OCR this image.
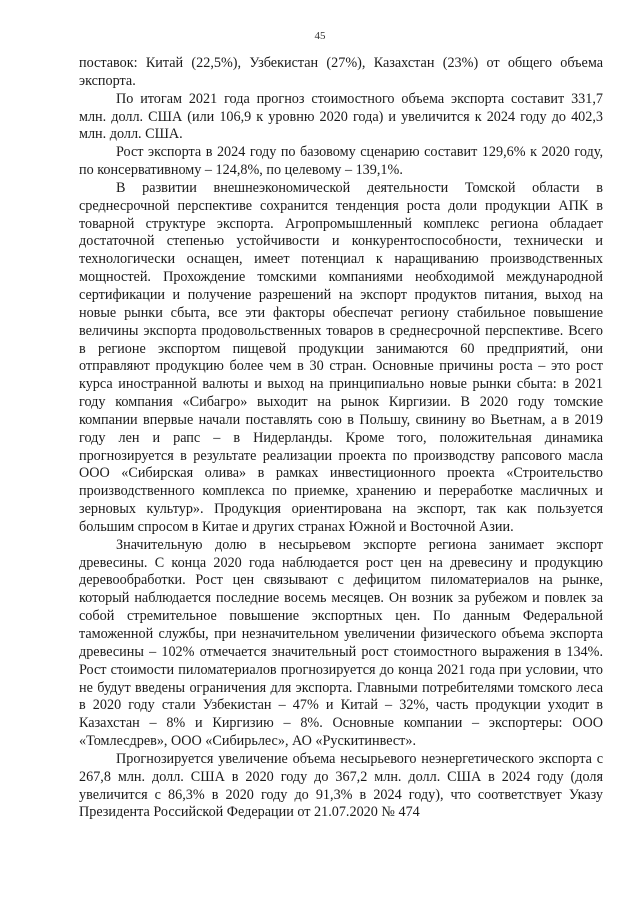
45

поставок: Китай (22,5%), Узбекистан (27%), Казахстан (23%) от общего объема экспорта.

По итогам 2021 года прогноз стоимостного объема экспорта составит 331,7 млн. долл. США (или 106,9 к уровню 2020 года) и увеличится к 2024 году до 402,3 млн. долл. США.

Рост экспорта в 2024 году по базовому сценарию составит 129,6% к 2020 году, по консервативному – 124,8%, по целевому – 139,1%.

В развитии внешнеэкономической деятельности Томской области в среднесрочной перспективе сохранится тенденция роста доли продукции АПК в товарной структуре экспорта. Агропромышленный комплекс региона обладает достаточной степенью устойчивости и конкурентоспособности, технически и технологически оснащен, имеет потенциал к наращиванию производственных мощностей. Прохождение томскими компаниями необходимой международной сертификации и получение разрешений на экспорт продуктов питания, выход на новые рынки сбыта, все эти факторы обеспечат региону стабильное повышение величины экспорта продовольственных товаров в среднесрочной перспективе. Всего в регионе экспортом пищевой продукции занимаются 60 предприятий, они отправляют продукцию более чем в 30 стран. Основные причины роста – это рост курса иностранной валюты и выход на принципиально новые рынки сбыта: в 2021 году компания «Сибагро» выходит на рынок Киргизии. В 2020 году томские компании впервые начали поставлять сою в Польшу, свинину во Вьетнам, а в 2019 году лен и рапс – в Нидерланды. Кроме того, положительная динамика прогнозируется в результате реализации проекта по производству рапсового масла ООО «Сибирская олива» в рамках инвестиционного проекта «Строительство производственного комплекса по приемке, хранению и переработке масличных и зерновых культур». Продукция ориентирована на экспорт, так как пользуется большим спросом в Китае и других странах Южной и Восточной Азии.

Значительную долю в несырьевом экспорте региона занимает экспорт древесины. С конца 2020 года наблюдается рост цен на древесину и продукцию деревообработки. Рост цен связывают с дефицитом пиломатериалов на рынке, который наблюдается последние восемь месяцев. Он возник за рубежом и повлек за собой стремительное повышение экспортных цен. По данным Федеральной таможенной службы, при незначительном увеличении физического объема экспорта древесины – 102% отмечается значительный рост стоимостного выражения в 134%. Рост стоимости пиломатериалов прогнозируется до конца 2021 года при условии, что не будут введены ограничения для экспорта. Главными потребителями томского леса в 2020 году стали Узбекистан – 47% и Китай – 32%, часть продукции уходит в Казахстан – 8% и Киргизию – 8%. Основные компании – экспортеры: ООО «Томлесдрев», ООО «Сибирьлес», АО «Рускитинвест».

Прогнозируется увеличение объема несырьевого неэнергетического экспорта с 267,8 млн. долл. США в 2020 году до 367,2 млн. долл. США в 2024 году (доля увеличится с 86,3% в 2020 году до 91,3% в 2024 году), что соответствует Указу Президента Российской Федерации от 21.07.2020 № 474
